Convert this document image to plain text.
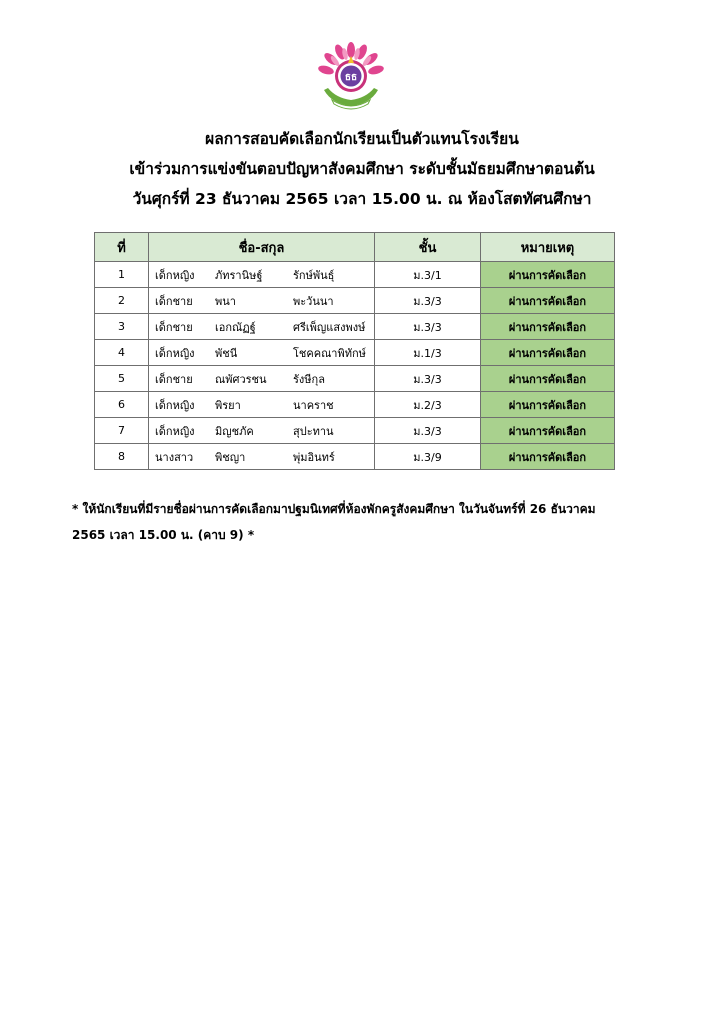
ธธ
ผลการสอบคัดเลือกนักเรียนเป็นตัวแทนโรงเรียน
เข้าร่วมการแข่งขันตอบปัญหาสังคมศึกษา ระดับชั้นมัธยมศึกษาตอนต้น
วันศุกร์ที่ 23 ธันวาคม 2565 เวลา 15.00 น. ณ ห้องโสตทัศนศึกษา
ที่	ชื่อ-สกุล	ชั้น	หมายเหตุ
1	เด็กหญิง ภัทรานิษฐ์ รักษ์พันธุ์	ม.3/1	ผ่านการคัดเลือก
2	เด็กชาย พนา พะวันนา	ม.3/3	ผ่านการคัดเลือก
3	เด็กชาย เอกณัฏฐ์ ศรีเพ็ญแสงพงษ์	ม.3/3	ผ่านการคัดเลือก
4	เด็กหญิง พัชนี โชคคณาพิทักษ์	ม.1/3	ผ่านการคัดเลือก
5	เด็กชาย ณพัศวรชน รังษีกุล	ม.3/3	ผ่านการคัดเลือก
6	เด็กหญิง พิรยา นาคราช	ม.2/3	ผ่านการคัดเลือก
7	เด็กหญิง มิญชภัค สุปะทาน	ม.3/3	ผ่านการคัดเลือก
8	นางสาว พิชญา พุ่มอินทร์	ม.3/9	ผ่านการคัดเลือก
* ให้นักเรียนที่มีรายชื่อผ่านการคัดเลือกมาปฐมนิเทศที่ห้องพักครูสังคมศึกษา ในวันจันทร์ที่ 26 ธันวาคม
2565 เวลา 15.00 น. (คาบ 9) *
